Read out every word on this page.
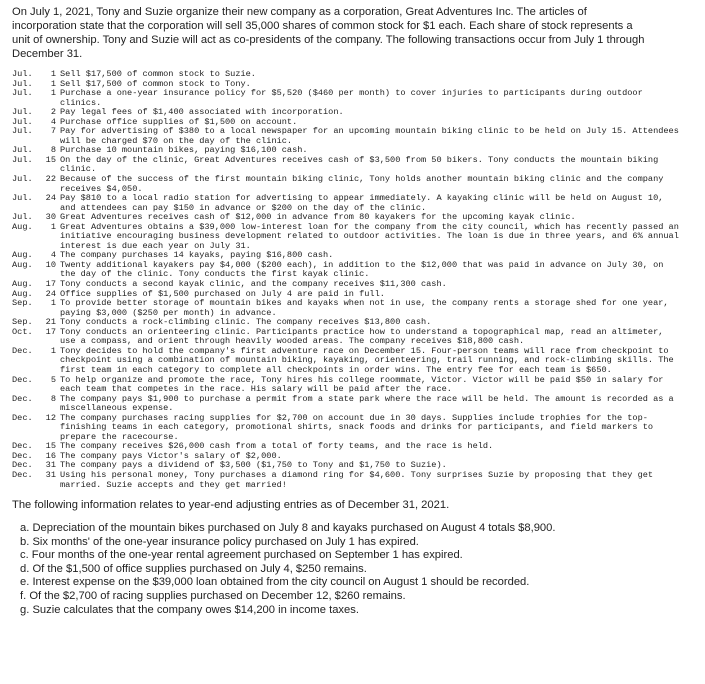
On July 1, 2021, Tony and Suzie organize their new company as a corporation, Great Adventures Inc. The articles of incorporation state that the corporation will sell 35,000 shares of common stock for $1 each. Each share of stock represents a unit of ownership. Tony and Suzie will act as co-presidents of the company. The following transactions occur from July 1 through December 31.

Jul.	1 Sell $17,500 of common stock to Suzie.
Jul.	1 Sell $17,500 of common stock to Tony.
Jul.	1 Purchase a one-year insurance policy for $5,520 ($460 per month) to cover injuries to participants during outdoor clinics.
Jul.	2 Pay legal fees of $1,400 associated with incorporation.
Jul.	4 Purchase office supplies of $1,500 on account.
Jul.	7 Pay for advertising of $380 to a local newspaper for an upcoming mountain biking clinic to be held on July 15. Attendees will be charged $70 on the day of the clinic.
Jul.	8 Purchase 10 mountain bikes, paying $16,100 cash.
Jul.	15 On the day of the clinic, Great Adventures receives cash of $3,500 from 50 bikers. Tony conducts the mountain biking clinic.
Jul.	22 Because of the success of the first mountain biking clinic, Tony holds another mountain biking clinic and the company receives $4,050.
Jul.	24 Pay $810 to a local radio station for advertising to appear immediately. A kayaking clinic will be held on August 10, and attendees can pay $150 in advance or $200 on the day of the clinic.
Jul.	30 Great Adventures receives cash of $12,000 in advance from 80 kayakers for the upcoming kayak clinic.
Aug.	1 Great Adventures obtains a $39,000 low-interest loan for the company from the city council, which has recently passed an initiative encouraging business development related to outdoor activities. The loan is due in three years, and 6% annual interest is due each year on July 31.
Aug.	4 The company purchases 14 kayaks, paying $16,800 cash.
Aug.	10 Twenty additional kayakers pay $4,000 ($200 each), in addition to the $12,000 that was paid in advance on July 30, on the day of the clinic. Tony conducts the first kayak clinic.
Aug.	17 Tony conducts a second kayak clinic, and the company receives $11,300 cash.
Aug.	24 Office supplies of $1,500 purchased on July 4 are paid in full.
Sep.	1 To provide better storage of mountain bikes and kayaks when not in use, the company rents a storage shed for one year, paying $3,000 ($250 per month) in advance.
Sep.	21 Tony conducts a rock-climbing clinic. The company receives $13,800 cash.
Oct.	17 Tony conducts an orienteering clinic. Participants practice how to understand a topographical map, read an altimeter, use a compass, and orient through heavily wooded areas. The company receives $18,800 cash.
Dec.	1 Tony decides to hold the company's first adventure race on December 15. Four-person teams will race from checkpoint to checkpoint using a combination of mountain biking, kayaking, orienteering, trail running, and rock-climbing skills. The first team in each category to complete all checkpoints in order wins. The entry fee for each team is $650.
Dec.	5 To help organize and promote the race, Tony hires his college roommate, Victor. Victor will be paid $50 in salary for each team that competes in the race. His salary will be paid after the race.
Dec.	8 The company pays $1,900 to purchase a permit from a state park where the race will be held. The amount is recorded as a miscellaneous expense.
Dec.	12 The company purchases racing supplies for $2,700 on account due in 30 days. Supplies include trophies for the top-finishing teams in each category, promotional shirts, snack foods and drinks for participants, and field markers to prepare the racecourse.
Dec.	15 The company receives $26,000 cash from a total of forty teams, and the race is held.
Dec.	16 The company pays Victor's salary of $2,000.
Dec.	31 The company pays a dividend of $3,500 ($1,750 to Tony and $1,750 to Suzie).
Dec.	31 Using his personal money, Tony purchases a diamond ring for $4,600. Tony surprises Suzie by proposing that they get married. Suzie accepts and they get married!

The following information relates to year-end adjusting entries as of December 31, 2021.

a. Depreciation of the mountain bikes purchased on July 8 and kayaks purchased on August 4 totals $8,900.
b. Six months' of the one-year insurance policy purchased on July 1 has expired.
c. Four months of the one-year rental agreement purchased on September 1 has expired.
d. Of the $1,500 of office supplies purchased on July 4, $250 remains.
e. Interest expense on the $39,000 loan obtained from the city council on August 1 should be recorded.
f. Of the $2,700 of racing supplies purchased on December 12, $260 remains.
g. Suzie calculates that the company owes $14,200 in income taxes.
